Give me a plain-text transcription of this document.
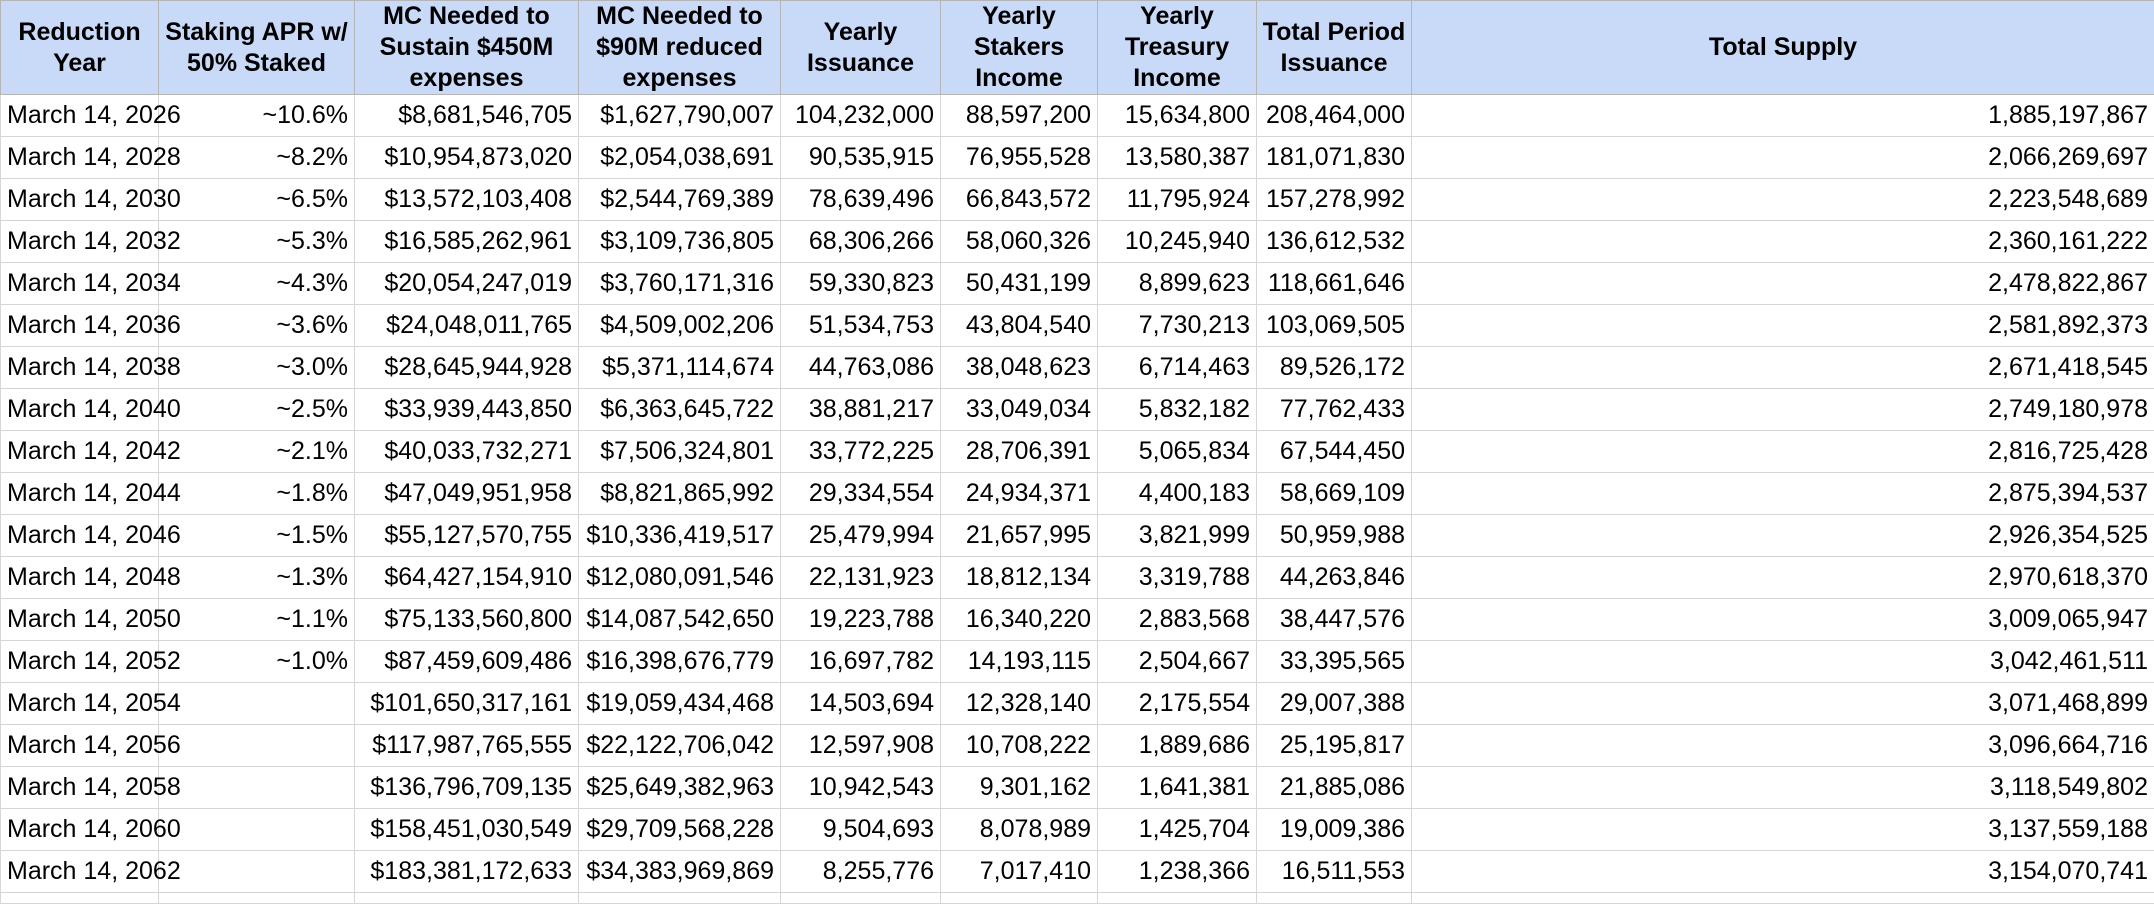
Reduction Year	Staking APR w/ 50% Staked	MC Needed to Sustain $450M expenses	MC Needed to $90M reduced expenses	Yearly Issuance	Yearly Stakers Income	Yearly Treasury Income	Total Period Issuance	Total Supply
March 14, 2026	~10.6%	$8,681,546,705	$1,627,790,007	104,232,000	88,597,200	15,634,800	208,464,000	1,885,197,867
March 14, 2028	~8.2%	$10,954,873,020	$2,054,038,691	90,535,915	76,955,528	13,580,387	181,071,830	2,066,269,697
March 14, 2030	~6.5%	$13,572,103,408	$2,544,769,389	78,639,496	66,843,572	11,795,924	157,278,992	2,223,548,689
March 14, 2032	~5.3%	$16,585,262,961	$3,109,736,805	68,306,266	58,060,326	10,245,940	136,612,532	2,360,161,222
March 14, 2034	~4.3%	$20,054,247,019	$3,760,171,316	59,330,823	50,431,199	8,899,623	118,661,646	2,478,822,867
March 14, 2036	~3.6%	$24,048,011,765	$4,509,002,206	51,534,753	43,804,540	7,730,213	103,069,505	2,581,892,373
March 14, 2038	~3.0%	$28,645,944,928	$5,371,114,674	44,763,086	38,048,623	6,714,463	89,526,172	2,671,418,545
March 14, 2040	~2.5%	$33,939,443,850	$6,363,645,722	38,881,217	33,049,034	5,832,182	77,762,433	2,749,180,978
March 14, 2042	~2.1%	$40,033,732,271	$7,506,324,801	33,772,225	28,706,391	5,065,834	67,544,450	2,816,725,428
March 14, 2044	~1.8%	$47,049,951,958	$8,821,865,992	29,334,554	24,934,371	4,400,183	58,669,109	2,875,394,537
March 14, 2046	~1.5%	$55,127,570,755	$10,336,419,517	25,479,994	21,657,995	3,821,999	50,959,988	2,926,354,525
March 14, 2048	~1.3%	$64,427,154,910	$12,080,091,546	22,131,923	18,812,134	3,319,788	44,263,846	2,970,618,370
March 14, 2050	~1.1%	$75,133,560,800	$14,087,542,650	19,223,788	16,340,220	2,883,568	38,447,576	3,009,065,947
March 14, 2052	~1.0%	$87,459,609,486	$16,398,676,779	16,697,782	14,193,115	2,504,667	33,395,565	3,042,461,511
March 14, 2054		$101,650,317,161	$19,059,434,468	14,503,694	12,328,140	2,175,554	29,007,388	3,071,468,899
March 14, 2056		$117,987,765,555	$22,122,706,042	12,597,908	10,708,222	1,889,686	25,195,817	3,096,664,716
March 14, 2058		$136,796,709,135	$25,649,382,963	10,942,543	9,301,162	1,641,381	21,885,086	3,118,549,802
March 14, 2060		$158,451,030,549	$29,709,568,228	9,504,693	8,078,989	1,425,704	19,009,386	3,137,559,188
March 14, 2062		$183,381,172,633	$34,383,969,869	8,255,776	7,017,410	1,238,366	16,511,553	3,154,070,741
